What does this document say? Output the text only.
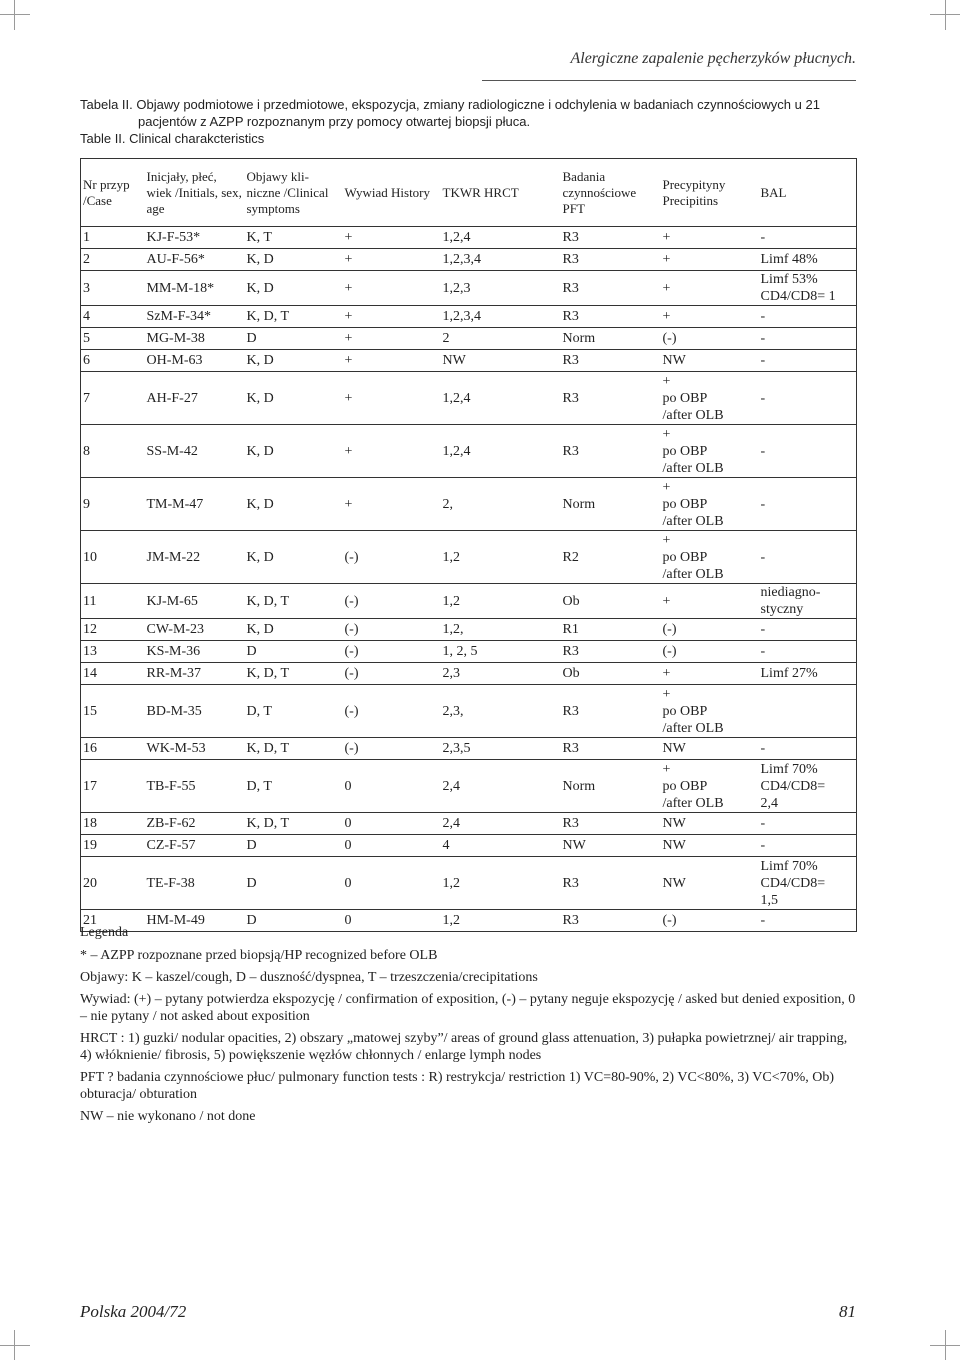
Alergiczne zapalenie pęcherzyków płucnych.
Tabela II. Objawy podmiotowe i przedmiotowe, ekspozycja, zmiany radiologiczne i odchylenia w badaniach czynnościowych u 21 pacjentów z AZPP rozpoznanym przy pomocy otwartej biopsji płuca.
Table II. Clinical charakcteristics
Nr przyp /Case	Inicjały, płeć, wiek /Initials, sex, age	Objawy kli-niczne /Clinical symptoms	Wywiad History	TKWR HRCT	Badania czynnościowe PFT	Precypityny Precipitins	BAL
1	KJ-F-53*	K, T	+	1,2,4	R3	+	-
2	AU-F-56*	K, D	+	1,2,3,4	R3	+	Limf 48%
3	MM-M-18*	K, D	+	1,2,3	R3	+	Limf 53%
CD4/CD8= 1
4	SzM-F-34*	K, D, T	+	1,2,3,4	R3	+	-
5	MG-M-38	D	+	2	Norm	(-)	-
6	OH-M-63	K, D	+	NW	R3	NW	-
7	AH-F-27	K, D	+	1,2,4	R3	+
po OBP
/after OLB	-
8	SS-M-42	K, D	+	1,2,4	R3	+
po OBP
/after OLB	-
9	TM-M-47	K, D	+	2,	Norm	+
po OBP
/after OLB	-
10	JM-M-22	K, D	(-)	1,2	R2	+
po OBP
/after OLB	-
11	KJ-M-65	K, D, T	(-)	1,2	Ob	+	niediagno-
styczny
12	CW-M-23	K, D	(-)	1,2,	R1	(-)	-
13	KS-M-36	D	(-)	1, 2, 5	R3	(-)	-
14	RR-M-37	K, D, T	(-)	2,3	Ob	+	Limf 27%
15	BD-M-35	D, T	(-)	2,3,	R3	+
po OBP
/after OLB	
16	WK-M-53	K, D, T	(-)	2,3,5	R3	NW	-
17	TB-F-55	D, T	0	2,4	Norm	+
po OBP
/after OLB	Limf 70%
CD4/CD8=
2,4
18	ZB-F-62	K, D, T	0	2,4	R3	NW	-
19	CZ-F-57	D	0	4	NW	NW	-
20	TE-F-38	D	0	1,2	R3	NW	Limf 70%
CD4/CD8=
1,5
21	HM-M-49	D	0	1,2	R3	(-)	-

Legenda

* – AZPP rozpoznane przed biopsją/HP recognized before OLB

Objawy: K – kaszel/cough, D – duszność/dyspnea, T – trzeszczenia/crecipitations

Wywiad: (+) – pytany potwierdza ekspozycję / confirmation of exposition, (-) – pytany neguje ekspozycję / asked but denied exposition, 0 – nie pytany / not asked about exposition

HRCT : 1) guzki/ nodular opacities, 2) obszary „matowej szyby”/ areas of ground glass attenuation, 3) pułapka powietrznej/ air trapping, 4) włóknienie/ fibrosis, 5) powiększenie węzłów chłonnych / enlarge lymph nodes

PFT ? badania czynnościowe płuc/ pulmonary function tests : R) restrykcja/ restriction 1) VC=80-90%, 2) VC<80%, 3) VC<70%, Ob) obturacja/ obturation

NW – nie wykonano / not done

Polska 2004/72	81
